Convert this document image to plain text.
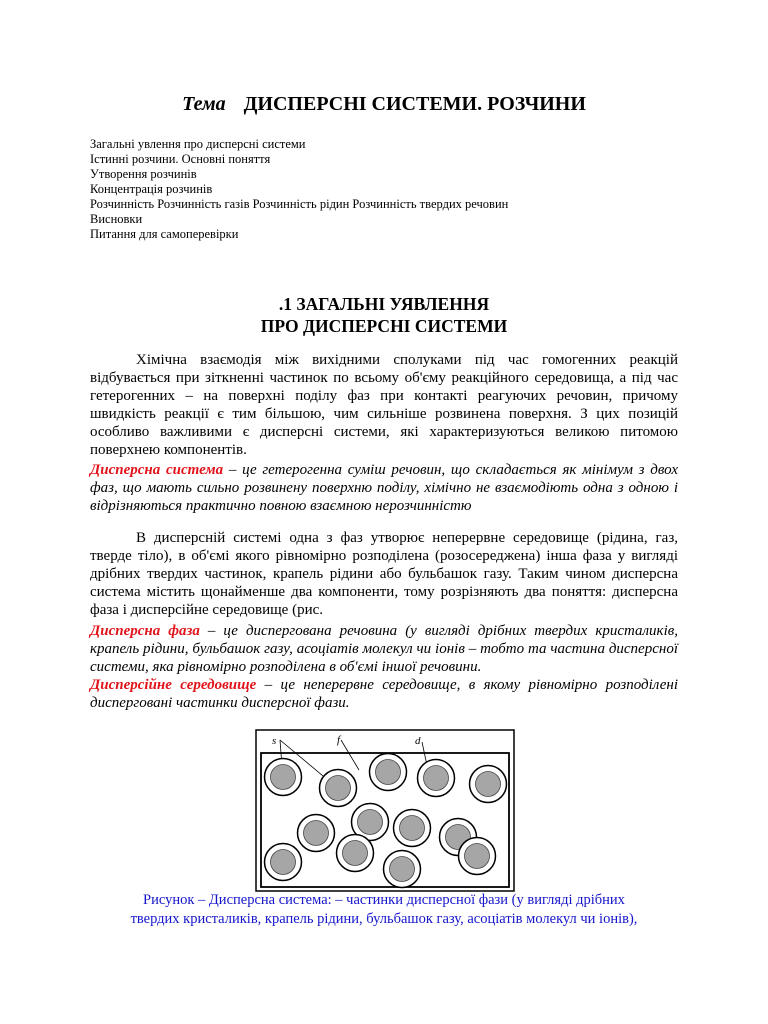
Тема ДИСПЕРСНІ СИСТЕМИ. РОЗЧИНИ
Загальні увлення про дисперсні системи
Істинні розчини. Основні поняття
Утворення розчинів
Концентрація розчинів
Розчинність Розчинність газів Розчинність рідин Розчинність твердих речовин
Висновки
Питання для самоперевірки
.1 ЗАГАЛЬНІ УЯВЛЕННЯ
ПРО ДИСПЕРСНІ СИСТЕМИ

Хімічна взаємодія між вихідними сполуками під час гомогенних реакцій відбувається при зіткненні частинок по всьому об'єму реакційного середовища, а під час гетерогенних – на поверхні поділу фаз при контакті реагуючих речовин, причому швидкість реакції є тим більшою, чим сильніше розвинена поверхня. З цих позицій особливо важливими є дисперсні системи, які характеризуються великою питомою поверхнею компонентів.

Дисперсна система – це гетерогенна суміш речовин, що складається як мінімум з двох фаз, що мають сильно розвинену поверхню поділу, хімічно не взаємодіють одна з одною і відрізняються практично повною взаємною нерозчинністю

В дисперсній системі одна з фаз утворює неперервне середовище (рідина, газ, тверде тіло), в об'ємі якого рівномірно розподілена (розосереджена) інша фаза у вигляді дрібних твердих частинок, крапель рідини або бульбашок газу. Таким чином дисперсна система містить щонайменше два компоненти, тому розрізняють два поняття: дисперсна фаза і дисперсійне середовище (рис.

Дисперсна фаза – це диспергована речовина (у вигляді дрібних твердих кристаликів, крапель рідини, бульбашок газу, асоціатів молекул чи іонів – тобто та частина дисперсної системи, яка рівномірно розподілена в об'ємі іншої речовини.

Дисперсійне середовище – це неперервне середовище, в якому рівномірно розподілені дисперговані частинки дисперсної фази.

s	f	d
Рисунок – Дисперсна система: – частинки дисперсної фази (у вигляді дрібних
твердих кристаликів, крапель рідини, бульбашок газу, асоціатів молекул чи іонів),
